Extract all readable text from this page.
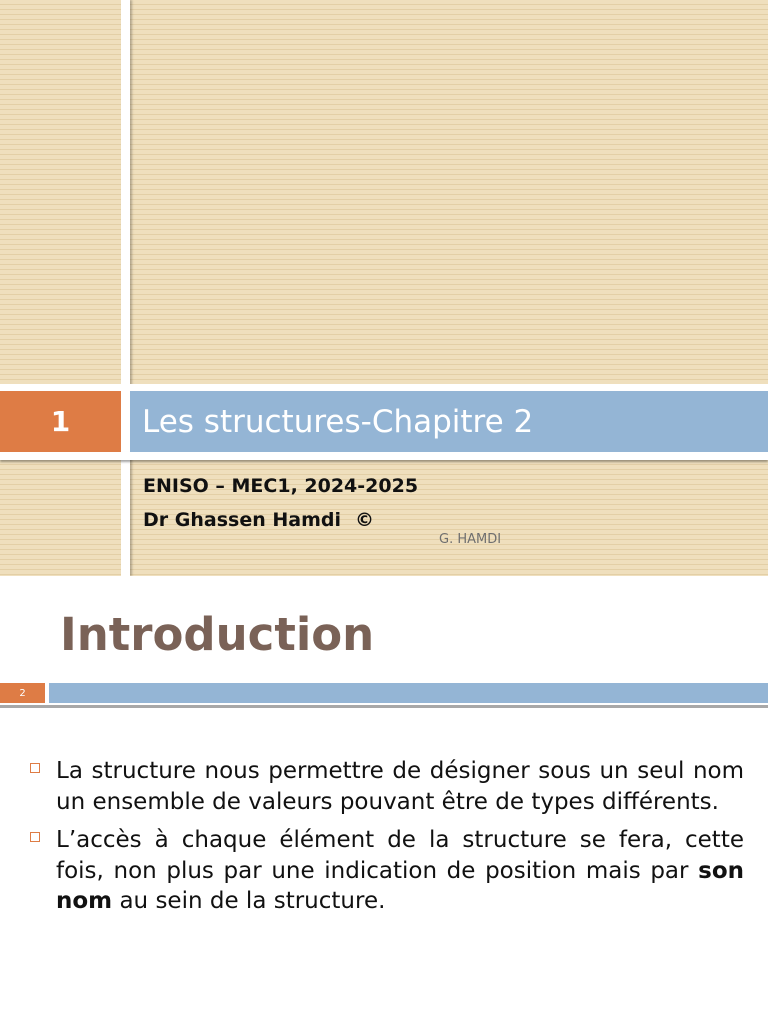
1 Les structures-Chapitre 2
ENISO – MEC1, 2024-2025
Dr Ghassen Hamdi ©
G. HAMDI
Introduction
2
La structure nous permettre de désigner sous un seul nom un ensemble de valeurs pouvant être de types différents.
L’accès à chaque élément de la structure se fera, cette fois, non plus par une indication de position mais par son nom au sein de la structure.
